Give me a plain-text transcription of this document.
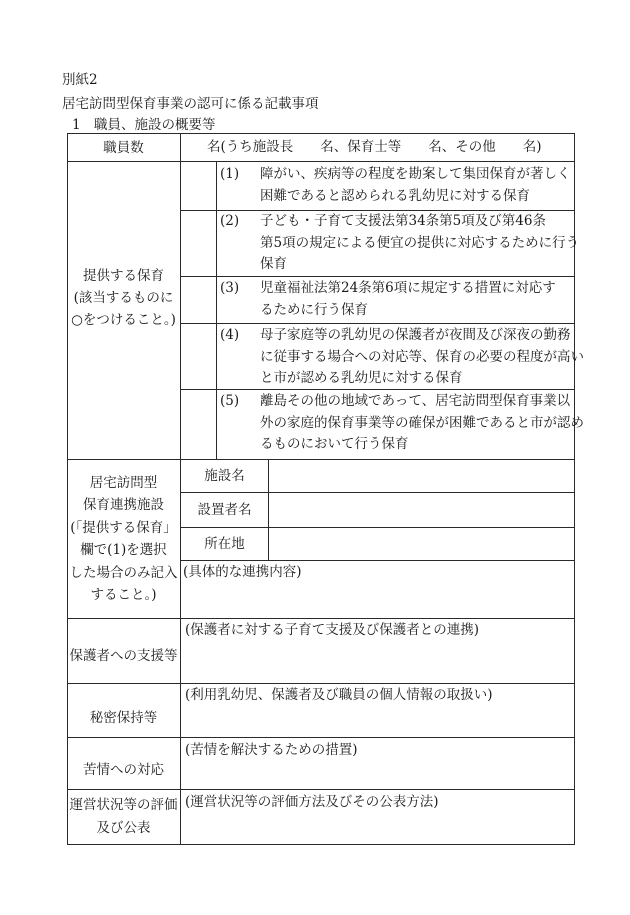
別紙2
居宅訪問型保育事業の認可に係る記載事項
1 職員、施設の概要等
職員数	名(うち施設長　　名、保育士等　　名、その他　　名)
提供する保育
(該当するものに
○をつけること。)
(1) 障がい、疾病等の程度を勘案して集団保育が著しく
困難であると認められる乳幼児に対する保育
(2) 子ども・子育て支援法第34条第5項及び第46条
第5項の規定による便宜の提供に対応するために行う
保育
(3) 児童福祉法第24条第6項に規定する措置に対応す
るために行う保育
(4) 母子家庭等の乳幼児の保護者が夜間及び深夜の勤務
に従事する場合への対応等、保育の必要の程度が高い
と市が認める乳幼児に対する保育
(5) 離島その他の地域であって、居宅訪問型保育事業以
外の家庭的保育事業等の確保が困難であると市が認め
るものにおいて行う保育
居宅訪問型
保育連携施設
(「提供する保育」
欄で(1)を選択
した場合のみ記入
すること。)
施設名
設置者名
所在地
(具体的な連携内容)
保護者への支援等
(保護者に対する子育て支援及び保護者との連携)
秘密保持等
(利用乳幼児、保護者及び職員の個人情報の取扱い)
苦情への対応
(苦情を解決するための措置)
運営状況等の評価
及び公表
(運営状況等の評価方法及びその公表方法)
